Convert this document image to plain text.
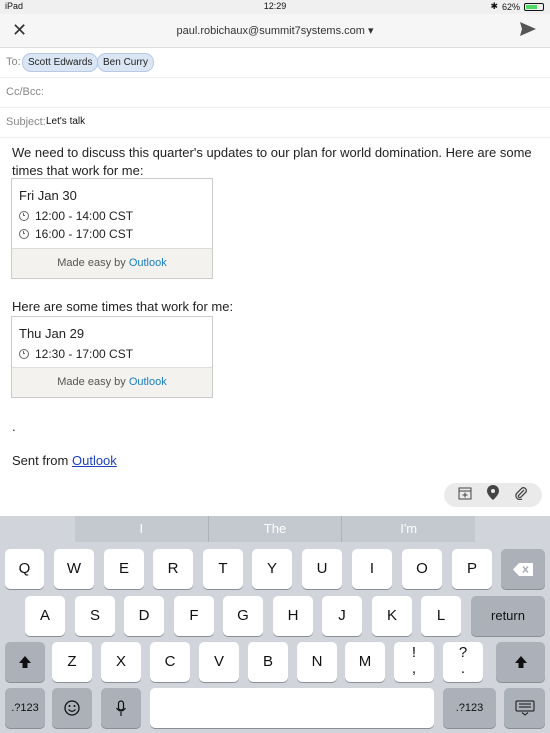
iPad	12:29	✱ 62%
✕	paul.robichaux@summit7systems.com ▾
To: Scott Edwards	Ben Curry
Cc/Bcc:
Subject: Let's talk
We need to discuss this quarter's updates to our plan for world domination. Here are some times that work for me:
Fri Jan 30
12:00 - 14:00 CST
16:00 - 17:00 CST
Made easy by Outlook
Here are some times that work for me:
Thu Jan 29
12:30 - 17:00 CST
Made easy by Outlook
.
Sent from Outlook
I	The	I'm
Q	W	E	R	T	Y	U	I	O	P
A	S	D	F	G	H	J	K	L	return
Z	X	C	V	B	N	M
!
,
?
.
.?123	.?123
